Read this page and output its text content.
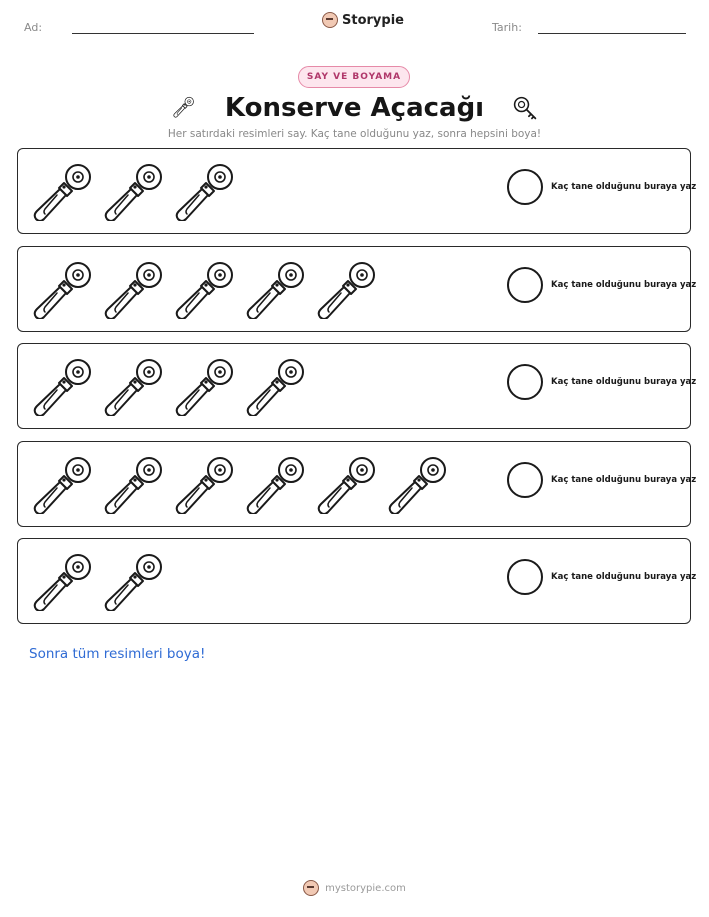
Ad:	Storypie	Tarih:
SAY VE BOYAMA
Konserve Açacağı
Her satırdaki resimleri say. Kaç tane olduğunu yaz, sonra hepsini boya!
Kaç tane olduğunu buraya yaz
Kaç tane olduğunu buraya yaz
Kaç tane olduğunu buraya yaz
Kaç tane olduğunu buraya yaz
Kaç tane olduğunu buraya yaz
Sonra tüm resimleri boya!
mystorypie.com
